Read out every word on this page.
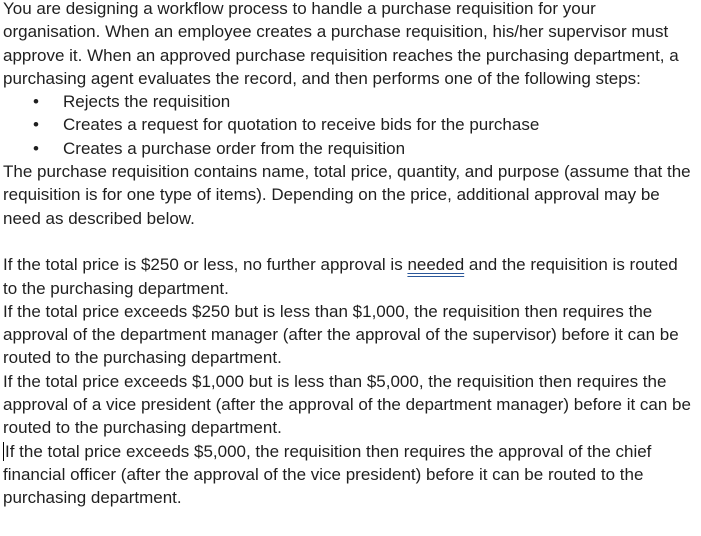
You are designing a workflow process to handle a purchase requisition for your organisation. When an employee creates a purchase requisition, his/her supervisor must approve it. When an approved purchase requisition reaches the purchasing department, a purchasing agent evaluates the record, and then performs one of the following steps:

• Rejects the requisition
• Creates a request for quotation to receive bids for the purchase
• Creates a purchase order from the requisition

The purchase requisition contains name, total price, quantity, and purpose (assume that the requisition is for one type of items). Depending on the price, additional approval may be need as described below.

If the total price is $250 or less, no further approval is needed and the requisition is routed to the purchasing department.

If the total price exceeds $250 but is less than $1,000, the requisition then requires the approval of the department manager (after the approval of the supervisor) before it can be routed to the purchasing department.

If the total price exceeds $1,000 but is less than $5,000, the requisition then requires the approval of a vice president (after the approval of the department manager) before it can be routed to the purchasing department.

If the total price exceeds $5,000, the requisition then requires the approval of the chief financial officer (after the approval of the vice president) before it can be routed to the purchasing department.
